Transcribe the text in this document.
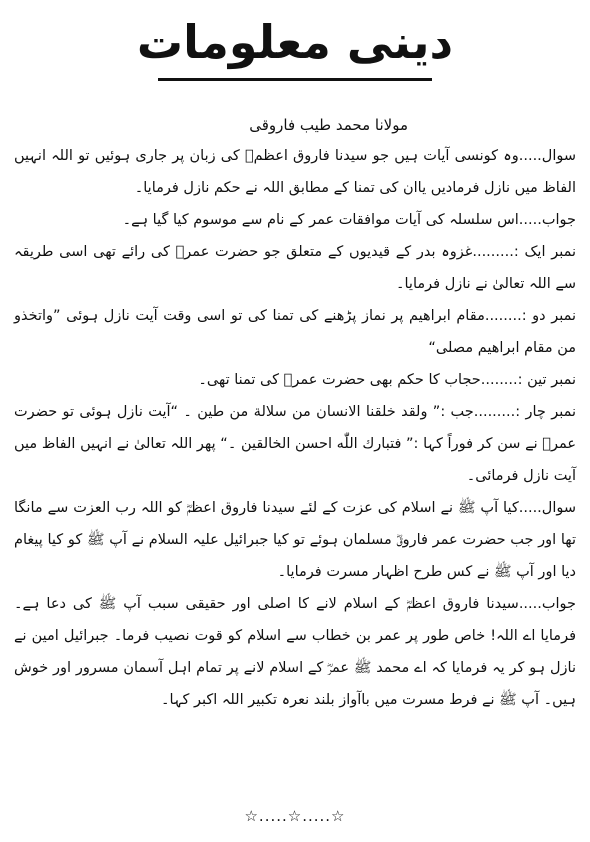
دینی معلومات
مولانا محمد طیب فاروقی

سوال.....وہ کونسی آیات ہیں جو سیدنا فاروق اعظمؓ کی زبان پر جاری ہوئیں تو اللہ انہیں الفاظ میں نازل فرمادیں یاان کی تمنا کے مطابق اللہ نے حکم نازل فرمایا۔

جواب.....اس سلسلہ کی آیات موافقات عمر کے نام سے موسوم کیا گیا ہے۔

نمبر ایک :.........غزوہ بدر کے قیدیوں کے متعلق جو حضرت عمرؓ کی رائے تھی اسی طریقہ سے اللہ تعالیٰ نے نازل فرمایا۔

نمبر دو :........مقام ابراھیم پر نماز پڑھنے کی تمنا کی تو اسی وقت آیت نازل ہوئی ”واتخذو من مقام ابراھیم مصلی“

نمبر تین :........حجاب کا حکم بھی حضرت عمرؓ کی تمنا تھی۔

نمبر چار :.........جب :” ولقد خلقنا الانسان من سلالة من طین ۔ “آیت نازل ہوئی تو حضرت عمرؓ نے سن کر فوراً کہا :” فتبارك اللّٰه احسن الخالقین ۔“ پھر اللہ تعالیٰ نے انہیں الفاظ میں آیت نازل فرمائی۔

سوال.....کیا آپ ﷺ نے اسلام کی عزت کے لئے سیدنا فاروق اعظمؓ کو اللہ رب العزت سے مانگا تھا اور جب حضرت عمر فاروقؓ مسلمان ہوئے تو کیا جبرائیل علیہ السلام نے آپ ﷺ کو کیا پیغام دیا اور آپ ﷺ نے کس طرح اظہار مسرت فرمایا۔

جواب.....سیدنا فاروق اعظمؓ کے اسلام لانے کا اصلی اور حقیقی سبب آپ ﷺ کی دعا ہے۔ فرمایا اے اللہ! خاص طور پر عمر بن خطاب سے اسلام کو قوت نصیب فرما۔ جبرائیل امین نے نازل ہو کر یہ فرمایا کہ اے محمد ﷺ عمرؓ کے اسلام لانے پر تمام اہل آسمان مسرور اور خوش ہیں۔ آپ ﷺ نے فرط مسرت میں باآواز بلند نعرہ تکبیر اللہ اکبر کہا۔

☆.....☆.....☆
